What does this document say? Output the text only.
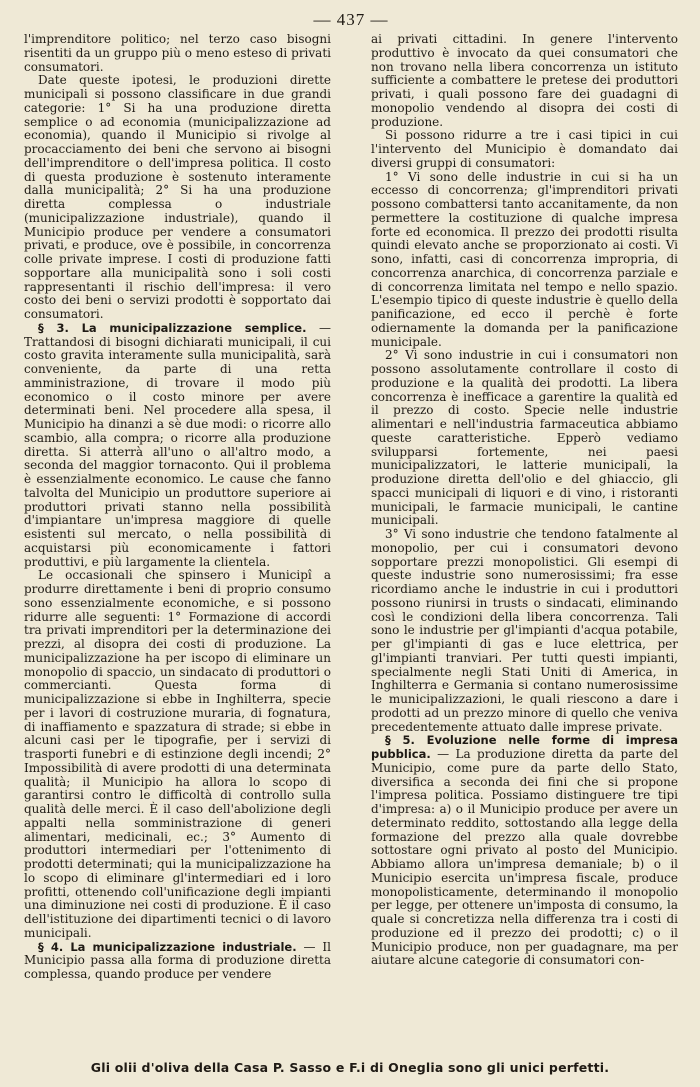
— 437 —

l'imprenditore politico; nel terzo caso bisogni risentiti da un gruppo più o meno esteso di privati consumatori.

Date queste ipotesi, le produzioni dirette municipali si possono classificare in due grandi categorie: 1° Si ha una produzione diretta semplice o ad economia (municipalizzazione ad economia), quando il Municipio si rivolge al procacciamento dei beni che servono ai bisogni dell'imprenditore o dell'impresa politica. Il costo di questa produzione è sostenuto interamente dalla municipalità; 2° Si ha una produzione diretta complessa o industriale (municipalizzazione industriale), quando il Municipio produce per vendere a consumatori privati, e produce, ove è possibile, in concorrenza colle private imprese. I costi di produzione fatti sopportare alla municipalità sono i soli costi rappresentanti il rischio dell'impresa: il vero costo dei beni o servizi prodotti è sopportato dai consumatori.

§ 3. La municipalizzazione semplice. — Trattandosi di bisogni dichiarati municipali, il cui costo gravita interamente sulla municipalità, sarà conveniente, da parte di una retta amministrazione, di trovare il modo più economico o il costo minore per avere determinati beni. Nel procedere alla spesa, il Municipio ha dinanzi a sè due modi: o ricorre allo scambio, alla compra; o ricorre alla produzione diretta. Si atterrà all'uno o all'altro modo, a seconda del maggior tornaconto. Qui il problema è essenzialmente economico. Le cause che fanno talvolta del Municipio un produttore superiore ai produttori privati stanno nella possibilità d'impiantare un'impresa maggiore di quelle esistenti sul mercato, o nella possibilità di acquistarsi più economicamente i fattori produttivi, e più largamente la clientela.

Le occasionali che spinsero i Municipî a produrre direttamente i beni di proprio consumo sono essenzialmente economiche, e si possono ridurre alle seguenti: 1° Formazione di accordi tra privati imprenditori per la determinazione dei prezzi, al disopra dei costi di produzione. La municipalizzazione ha per iscopo di eliminare un monopolio di spaccio, un sindacato di produttori o commercianti. Questa forma di municipalizzazione si ebbe in Inghilterra, specie per i lavori di costruzione muraria, di fognatura, di inaffiamento e spazzatura di strade; si ebbe in alcuni casi per le tipografie, per i servizi di trasporti funebri e di estinzione degli incendi; 2° Impossibilità di avere prodotti di una determinata qualità; il Municipio ha allora lo scopo di garantirsi contro le difficoltà di controllo sulla qualità delle merci. È il caso dell'abolizione degli appalti nella somministrazione di generi alimentari, medicinali, ec.; 3° Aumento di produttori intermediari per l'ottenimento di prodotti determinati; qui la municipalizzazione ha lo scopo di eliminare gl'intermediari ed i loro profitti, ottenendo coll'unificazione degli impianti una diminuzione nei costi di produzione. È il caso dell'istituzione dei dipartimenti tecnici o di lavoro municipali.

§ 4. La municipalizzazione industriale. — Il Municipio passa alla forma di produzione diretta complessa, quando produce per vendere

ai privati cittadini. In genere l'intervento produttivo è invocato da quei consumatori che non trovano nella libera concorrenza un istituto sufficiente a combattere le pretese dei produttori privati, i quali possono fare dei guadagni di monopolio vendendo al disopra dei costi di produzione.

Si possono ridurre a tre i casi tipici in cui l'intervento del Municipio è domandato dai diversi gruppi di consumatori:

1° Vi sono delle industrie in cui si ha un eccesso di concorrenza; gl'imprenditori privati possono combattersi tanto accanitamente, da non permettere la costituzione di qualche impresa forte ed economica. Il prezzo dei prodotti risulta quindi elevato anche se proporzionato ai costi. Vi sono, infatti, casi di concorrenza impropria, di concorrenza anarchica, di concorrenza parziale e di concorrenza limitata nel tempo e nello spazio. L'esempio tipico di queste industrie è quello della panificazione, ed ecco il perchè è forte odiernamente la domanda per la panificazione municipale.

2° Vi sono industrie in cui i consumatori non possono assolutamente controllare il costo di produzione e la qualità dei prodotti. La libera concorrenza è inefficace a garentire la qualità ed il prezzo di costo. Specie nelle industrie alimentari e nell'industria farmaceutica abbiamo queste caratteristiche. Epperò vediamo svilupparsi fortemente, nei paesi municipalizzatori, le latterie municipali, la produzione diretta dell'olio e del ghiaccio, gli spacci municipali di liquori e di vino, i ristoranti municipali, le farmacie municipali, le cantine municipali.

3° Vi sono industrie che tendono fatalmente al monopolio, per cui i consumatori devono sopportare prezzi monopolistici. Gli esempi di queste industrie sono numerosissimi; fra esse ricordiamo anche le industrie in cui i produttori possono riunirsi in trusts o sindacati, eliminando così le condizioni della libera concorrenza. Tali sono le industrie per gl'impianti d'acqua potabile, per gl'impianti di gas e luce elettrica, per gl'impianti tranviari. Per tutti questi impianti, specialmente negli Stati Uniti di America, in Inghilterra e Germania si contano numerosissime le municipalizzazioni, le quali riescono a dare i prodotti ad un prezzo minore di quello che veniva precedentemente attuato dalle imprese private.

§ 5. Evoluzione nelle forme di impresa pubblica. — La produzione diretta da parte del Municipio, come pure da parte dello Stato, diversifica a seconda dei fini che si propone l'impresa politica. Possiamo distinguere tre tipi d'impresa: a) o il Municipio produce per avere un determinato reddito, sottostando alla legge della formazione del prezzo alla quale dovrebbe sottostare ogni privato al posto del Municipio. Abbiamo allora un'impresa demaniale; b) o il Municipio esercita un'impresa fiscale, produce monopolisticamente, determinando il monopolio per legge, per ottenere un'imposta di consumo, la quale si concretizza nella differenza tra i costi di produzione ed il prezzo dei prodotti; c) o il Municipio produce, non per guadagnare, ma per aiutare alcune categorie di consumatori con-

Gli olii d'oliva della Casa P. Sasso e F.i di Oneglia sono gli unici perfetti.
